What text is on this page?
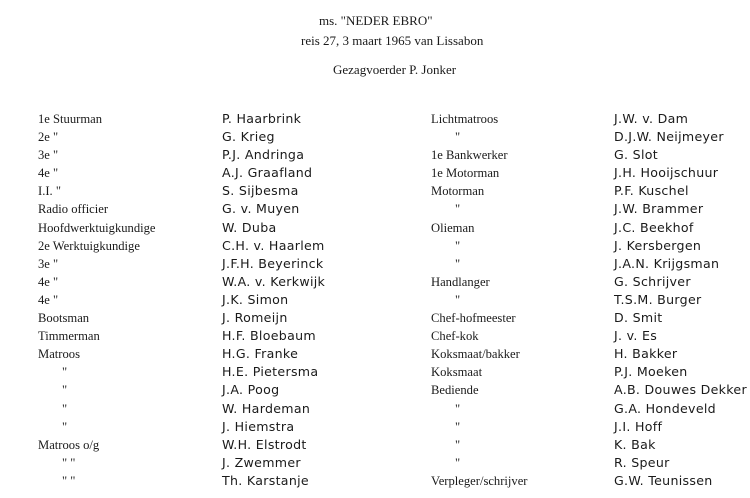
ms. "NEDER EBRO"
reis 27, 3 maart 1965 van Lissabon
Gezagvoerder P. Jonker
1e Stuurman
2e "
3e "
4e "
I.I. "
Radio officier
Hoofdwerktuigkundige
2e Werktuigkundige
3e "
4e "
4e "
Bootsman
Timmerman
Matroos
"
"
"
"
Matroos o/g
" "
" "
P. Haarbrink
G. Krieg
P.J. Andringa
A.J. Graafland
S. Sijbesma
G. v. Muyen
W. Duba
C.H. v. Haarlem
J.F.H. Beyerinck
W.A. v. Kerkwijk
J.K. Simon
J. Romeijn
H.F. Bloebaum
H.G. Franke
H.E. Pietersma
J.A. Poog
W. Hardeman
J. Hiemstra
W.H. Elstrodt
J. Zwemmer
Th. Karstanje
Lichtmatroos
"
1e Bankwerker
1e Motorman
Motorman
"
Olieman
"
"
Handlanger
"
Chef-hofmeester
Chef-kok
Koksmaat/bakker
Koksmaat
Bediende
"
"
"
"
Verpleger/schrijver
J.W. v. Dam
D.J.W. Neijmeyer
G. Slot
J.H. Hooijschuur
P.F. Kuschel
J.W. Brammer
J.C. Beekhof
J. Kersbergen
J.A.N. Krijgsman
G. Schrijver
T.S.M. Burger
D. Smit
J. v. Es
H. Bakker
P.J. Moeken
A.B. Douwes Dekker
G.A. Hondeveld
J.I. Hoff
K. Bak
R. Speur
G.W. Teunissen
